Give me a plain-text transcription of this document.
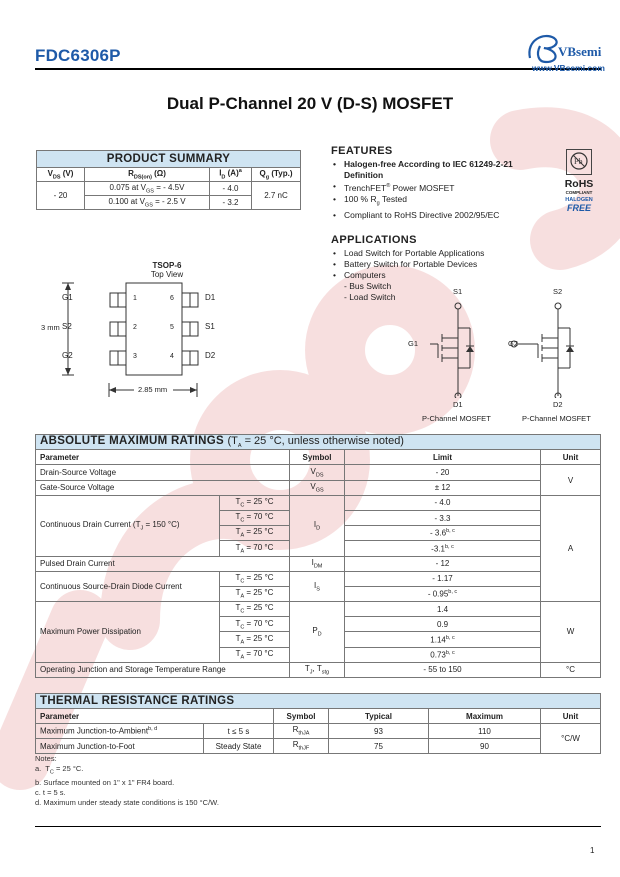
FDC6306P	VBsemi
www.VBsemi.com
Dual P-Channel 20 V (D-S) MOSFET
PRODUCT SUMMARY			
$V_{DS}$ (V)	$R_{DS(on)}$ (Ω)	$I_D$ $(A)^a$	$Q_g$ (Typ.)
- 20	0.075 at $V_{GS}$ = - 4.5V	- 4.0	2.7 nC
	0.100 at $V_{GS}$ = - 2.5 V	- 3.2	
FEATURES
• Halogen-free According to IEC 61249-2-21 Definition
• TrenchFET® Power MOSFET
• 100 % $R_g$ Tested
• Compliant to RoHS Directive 2002/95/EC
Pb
RoHS
COMPLIANT
HALOGEN
FREE
APPLICATIONS
• Load Switch for Portable Applications
• Battery Switch for Portable Devices
• Computers
- Bus Switch
- Load Switch
TSOP-6
Top View
G1
S2
G2
1
2
3
6
5
4
D1
S1
D2
3 mm
2.85 mm
S1
G1
D1
P-Channel MOSFET
S2
G2
D2
P-Channel MOSFET
ABSOLUTE MAXIMUM RATINGS ($T_A = 25$ °C, unless otherwise noted)				
Parameter		Symbol	Limit	Unit
Drain-Source Voltage		$V_{DS}$	- 20	V
Gate-Source Voltage		$V_{GS}$	± 12	
Continuous Drain Current ($T_J = 150$ °C)	$T_C = 25$ °C	$I_D$	- 4.0	A
	$T_C = 70$ °C		- 3.3	
	$T_A = 25$ °C		- 3.6$^{b, c}$
	$T_A = 70$ °C		-3.1$^{b, c}$
Pulsed Drain Current		$I_{DM}$	- 12	
Continuous Source-Drain Diode Current	$T_C = 25$ °C	$I_S$	- 1.17	
	$T_A = 25$ °C		- 0.95$^{b, c}$
Maximum Power Dissipation	$T_C = 25$ °C	$P_D$	1.4	W
	$T_C = 70$ °C		0.9	
	$T_A = 25$ °C		1.14$^{b, c}$
	$T_A = 70$ °C		0.73$^{b, c}$
Operating Junction and Storage Temperature Range		$T_J$, $T_{stg}$	- 55 to 150	°C
THERMAL RESISTANCE RATINGS					
Parameter		Symbol	Typical	Maximum	Unit
Maximum Junction-to-Ambient$^{b, d}$	t ≤ 5 s	$R_{thJA}$	93	110	°C/W
Maximum Junction-to-Foot	Steady State	$R_{thJF}$	75	90	
Notes:
a.  $T_C = 25$ °C.
b. Surface mounted on 1" x 1" FR4 board.
c. t = 5 s.
d. Maximum under steady state conditions is 150 °C/W.
1
